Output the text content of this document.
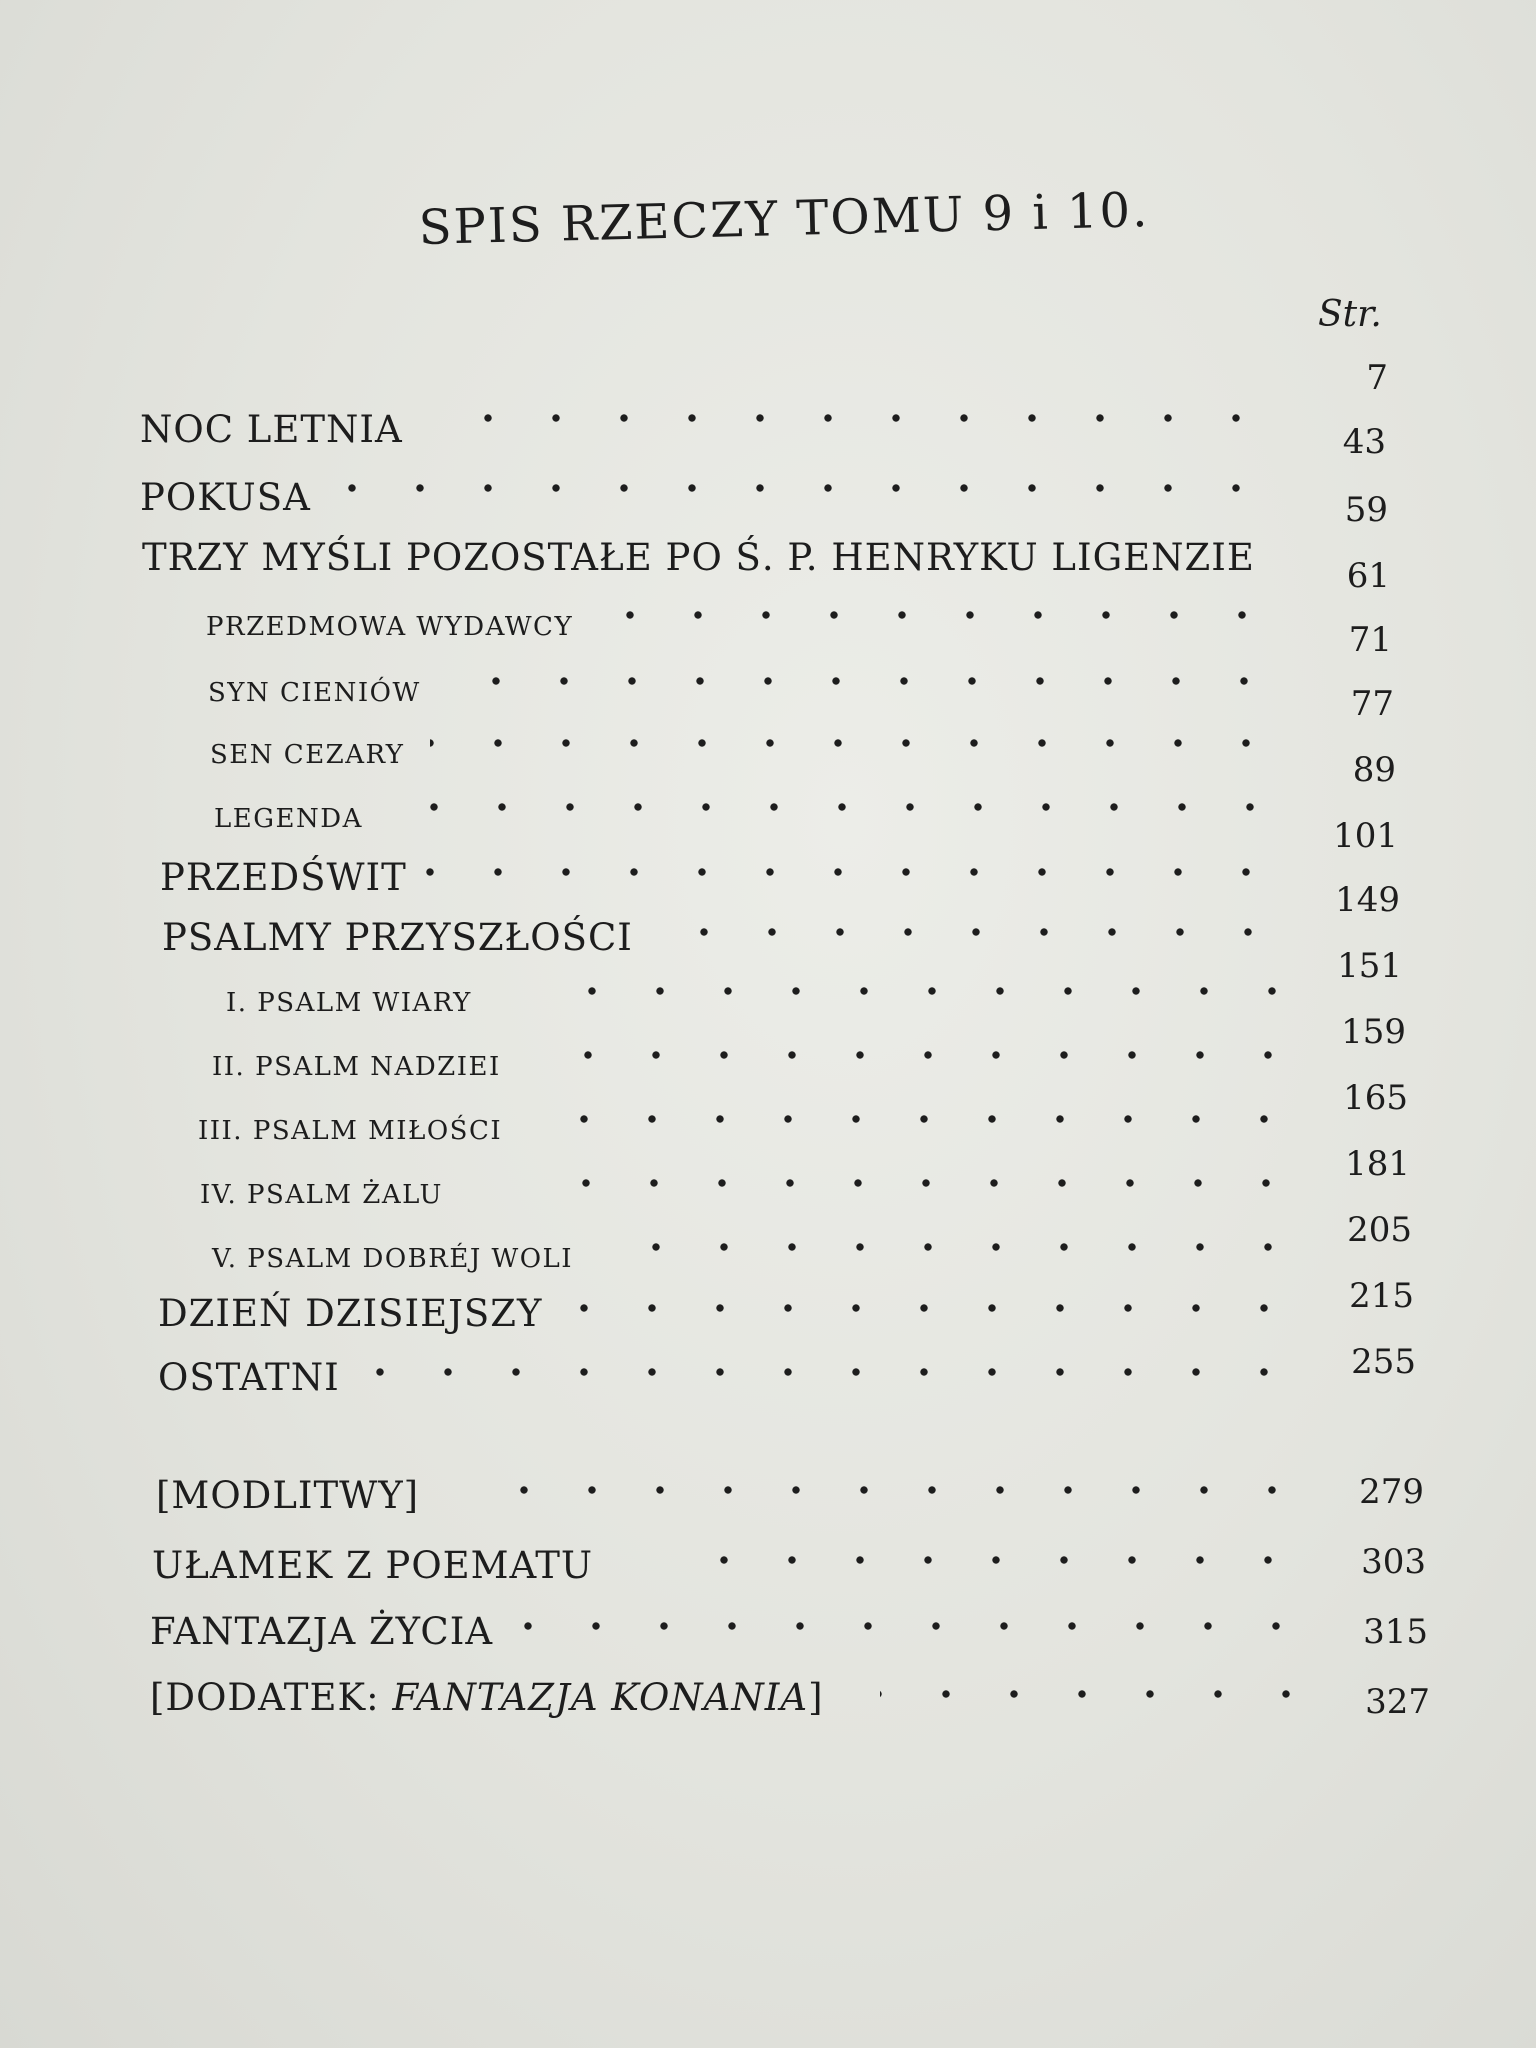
SPIS RZECZY TOMU 9 i 10.
Str.
7
43
59
61
71
77
89
101
149
151
159
165
181
205
215
255
279
303
315
327
NOC LETNIA
POKUSA
TRZY MYŚLI POZOSTAŁE PO Ś. P. HENRYKU LIGENZIE
PRZEDMOWA WYDAWCY
SYN CIENIÓW
SEN CEZARY
LEGENDA
PRZEDŚWIT
PSALMY PRZYSZŁOŚCI
I. PSALM WIARY
II. PSALM NADZIEI
III. PSALM MIŁOŚCI
IV. PSALM ŻALU
V. PSALM DOBRÉJ WOLI
DZIEŃ DZISIEJSZY
OSTATNI
[MODLITWY]
UŁAMEK Z POEMATU
FANTAZJA ŻYCIA
[DODATEK: FANTAZJA KONANIA]
